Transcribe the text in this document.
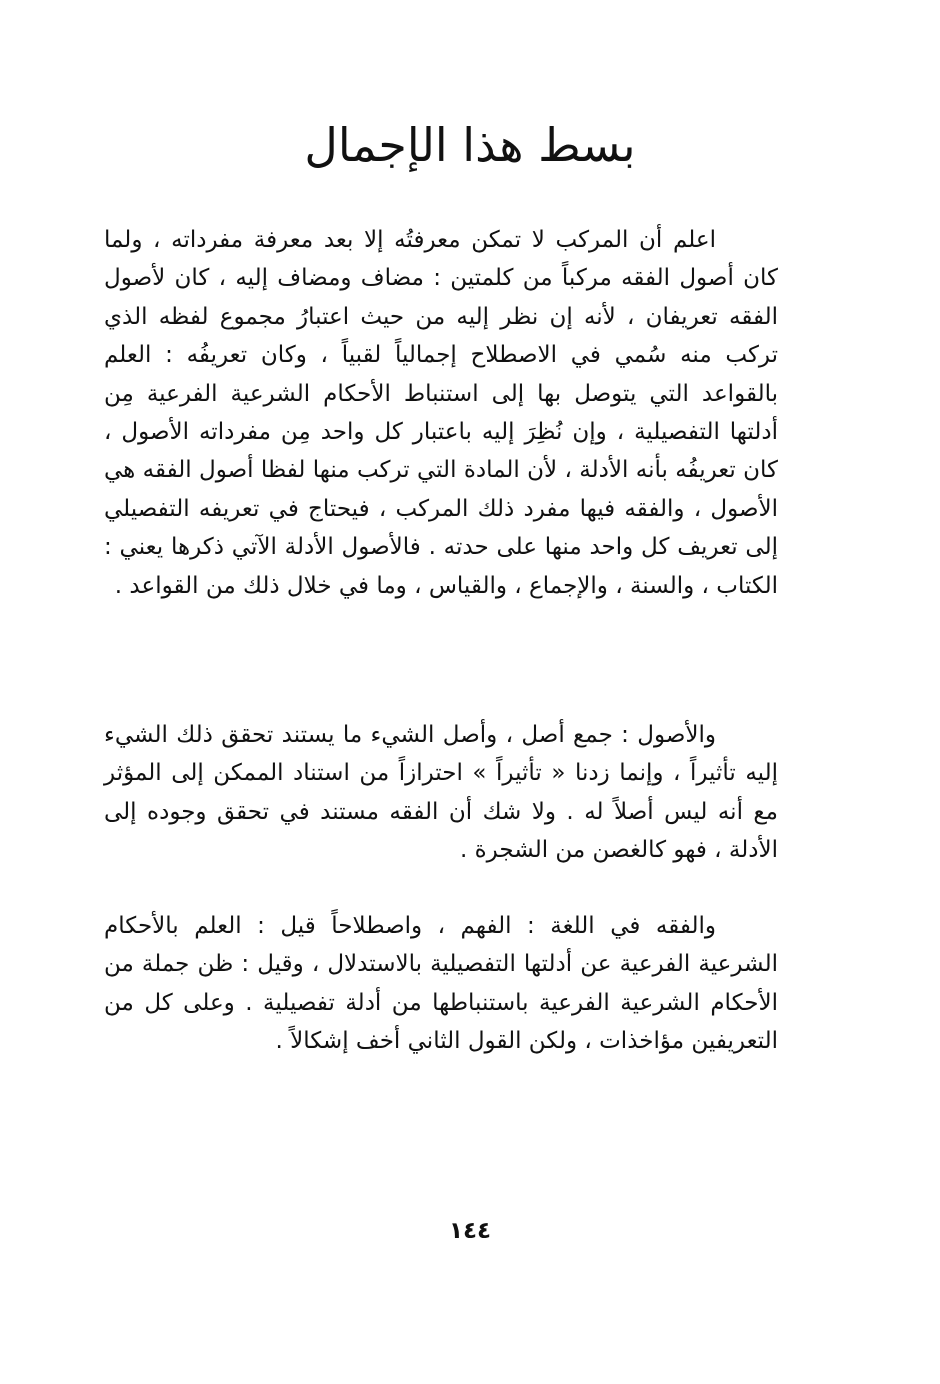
بسط هذا الإجمال

اعلم أن المركب لا تمكن معرفتُه إلا بعد معرفة مفرداته ، ولما كان أصول الفقه مركباً من كلمتين : مضاف ومضاف إليه ، كان لأصول الفقه تعريفان ، لأنه إن نظر إليه من حيث اعتبارُ مجموع لفظه الذي تركب منه سُمي في الاصطلاح إجمالياً لقبياً ، وكان تعريفُه : العلم بالقواعد التي يتوصل بها إلى استنباط الأحكام الشرعية الفرعية مِن أدلتها التفصيلية ، وإن نُظِرَ إليه باعتبار كل واحد مِن مفرداته الأصول ، كان تعريفُه بأنه الأدلة ، لأن المادة التي تركب منها لفظا أصول الفقه هي الأصول ، والفقه فيها مفرد ذلك المركب ، فيحتاج في تعريفه التفصيلي إلى تعريف كل واحد منها على حدته . فالأصول الأدلة الآتي ذكرها يعني : الكتاب ، والسنة ، والإجماع ، والقياس ، وما في خلال ذلك من القواعد .

والأصول : جمع أصل ، وأصل الشيء ما يستند تحقق ذلك الشيء إليه تأثيراً ، وإنما زدنا « تأثيراً » احترازاً من استناد الممكن إلى المؤثر مع أنه ليس أصلاً له . ولا شك أن الفقه مستند في تحقق وجوده إلى الأدلة ، فهو كالغصن من الشجرة .

والفقه في اللغة : الفهم ، واصطلاحاً قيل : العلم بالأحكام الشرعية الفرعية عن أدلتها التفصيلية بالاستدلال ، وقيل : ظن جملة من الأحكام الشرعية الفرعية باستنباطها من أدلة تفصيلية . وعلى كل من التعريفين مؤاخذات ، ولكن القول الثاني أخف إشكالاً .

١٤٤
